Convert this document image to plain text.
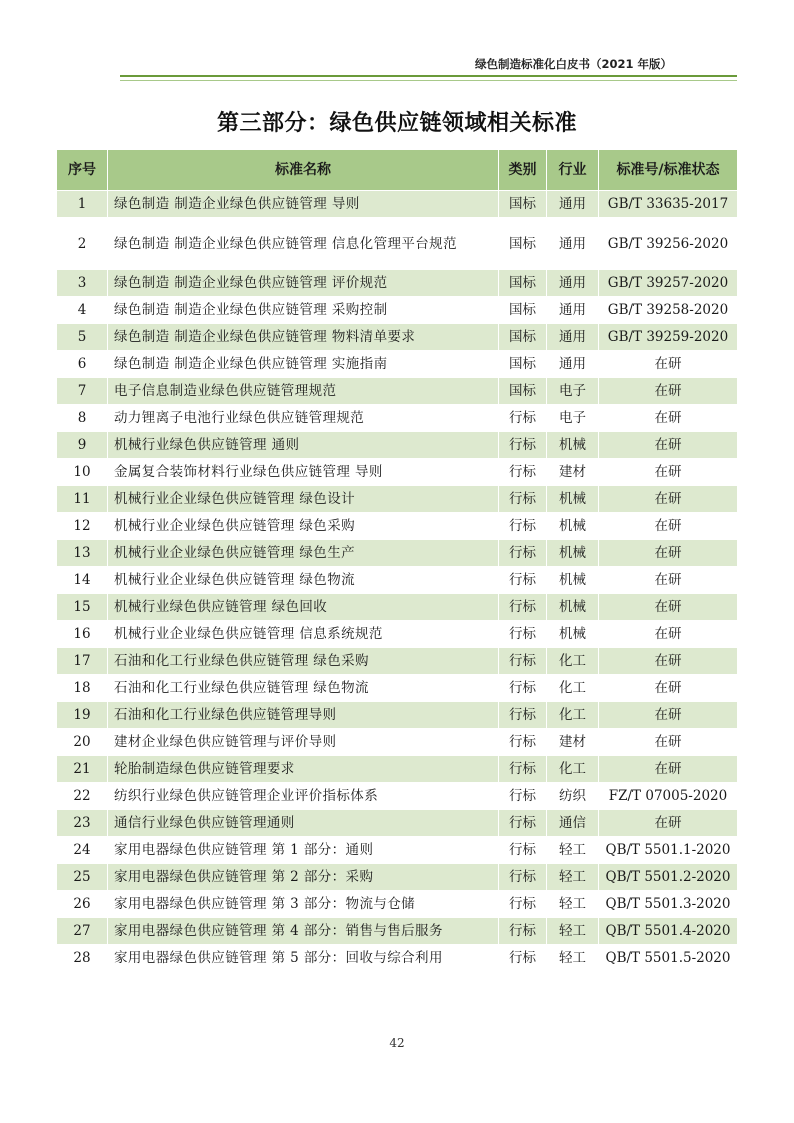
绿色制造标准化白皮书（2021 年版）
第三部分：绿色供应链领域相关标准
序号	标准名称	类别	行业	标准号/标准状态
1	绿色制造 制造企业绿色供应链管理 导则	国标	通用	GB/T 33635-2017
2	绿色制造 制造企业绿色供应链管理 信息化管理平台规范	国标	通用	GB/T 39256-2020
3	绿色制造 制造企业绿色供应链管理 评价规范	国标	通用	GB/T 39257-2020
4	绿色制造 制造企业绿色供应链管理 采购控制	国标	通用	GB/T 39258-2020
5	绿色制造 制造企业绿色供应链管理 物料清单要求	国标	通用	GB/T 39259-2020
6	绿色制造 制造企业绿色供应链管理 实施指南	国标	通用	在研
7	电子信息制造业绿色供应链管理规范	国标	电子	在研
8	动力锂离子电池行业绿色供应链管理规范	行标	电子	在研
9	机械行业绿色供应链管理 通则	行标	机械	在研
10	金属复合装饰材料行业绿色供应链管理 导则	行标	建材	在研
11	机械行业企业绿色供应链管理 绿色设计	行标	机械	在研
12	机械行业企业绿色供应链管理 绿色采购	行标	机械	在研
13	机械行业企业绿色供应链管理 绿色生产	行标	机械	在研
14	机械行业企业绿色供应链管理 绿色物流	行标	机械	在研
15	机械行业绿色供应链管理 绿色回收	行标	机械	在研
16	机械行业企业绿色供应链管理 信息系统规范	行标	机械	在研
17	石油和化工行业绿色供应链管理 绿色采购	行标	化工	在研
18	石油和化工行业绿色供应链管理 绿色物流	行标	化工	在研
19	石油和化工行业绿色供应链管理导则	行标	化工	在研
20	建材企业绿色供应链管理与评价导则	行标	建材	在研
21	轮胎制造绿色供应链管理要求	行标	化工	在研
22	纺织行业绿色供应链管理企业评价指标体系	行标	纺织	FZ/T 07005-2020
23	通信行业绿色供应链管理通则	行标	通信	在研
24	家用电器绿色供应链管理 第 1 部分：通则	行标	轻工	QB/T 5501.1-2020
25	家用电器绿色供应链管理 第 2 部分：采购	行标	轻工	QB/T 5501.2-2020
26	家用电器绿色供应链管理 第 3 部分：物流与仓储	行标	轻工	QB/T 5501.3-2020
27	家用电器绿色供应链管理 第 4 部分：销售与售后服务	行标	轻工	QB/T 5501.4-2020
28	家用电器绿色供应链管理 第 5 部分：回收与综合利用	行标	轻工	QB/T 5501.5-2020
42
